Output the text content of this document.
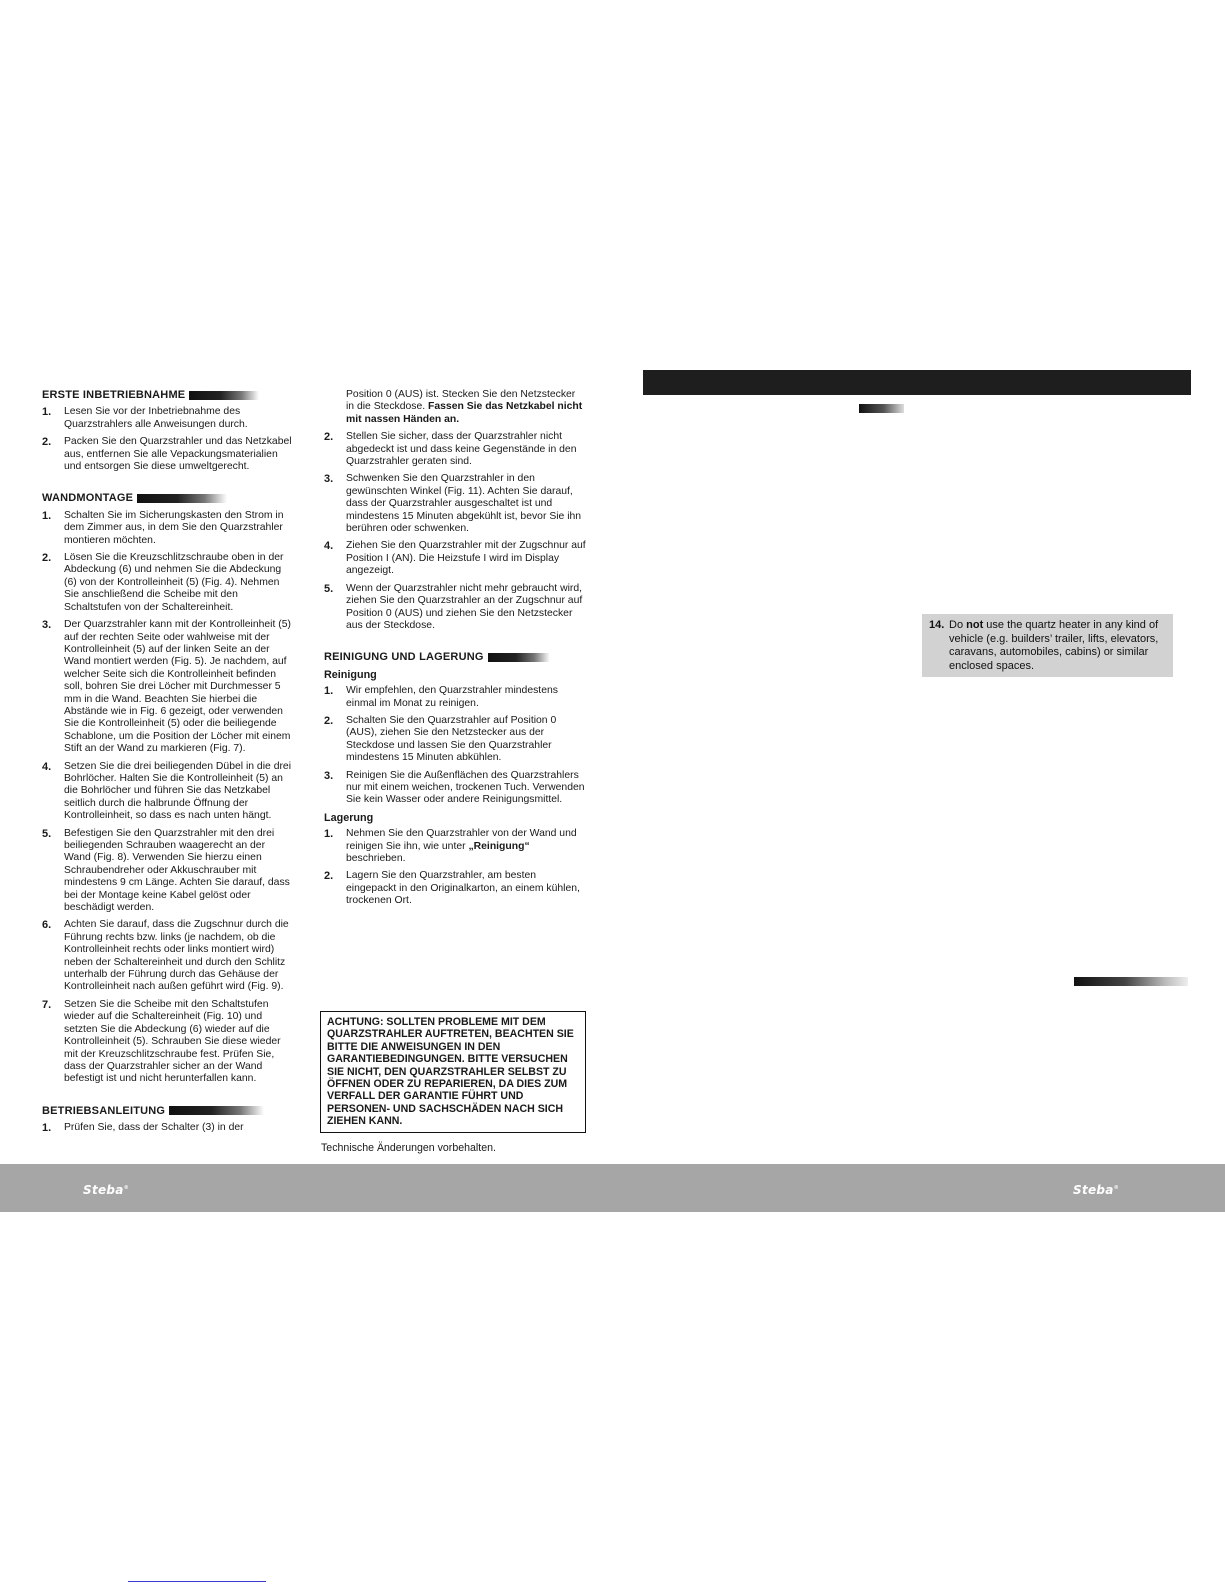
ERSTE INBETRIEBNAHME
1. Lesen Sie vor der Inbetriebnahme des Quarzstrahlers alle Anweisungen durch.
2. Packen Sie den Quarzstrahler und das Netzkabel aus, entfernen Sie alle Vepackungsmaterialien und entsorgen Sie diese umweltgerecht.
WANDMONTAGE
1. Schalten Sie im Sicherungskasten den Strom in dem Zimmer aus, in dem Sie den Quarzstrahler montieren möchten.
2. Lösen Sie die Kreuzschlitzschraube oben in der Abdeckung (6) und nehmen Sie die Abdeckung (6) von der Kontrolleinheit (5) (Fig. 4). Nehmen Sie anschließend die Scheibe mit den Schaltstufen von der Schaltereinheit.
3. Der Quarzstrahler kann mit der Kontrolleinheit (5) auf der rechten Seite oder wahlweise mit der Kontrolleinheit (5) auf der linken Seite an der Wand montiert werden (Fig. 5). Je nachdem, auf welcher Seite sich die Kontrolleinheit befinden soll, bohren Sie drei Löcher mit Durchmesser 5 mm in die Wand. Beachten Sie hierbei die Abstände wie in Fig. 6 gezeigt, oder verwenden Sie die Kontrolleinheit (5) oder die beiliegende Schablone, um die Position der Löcher mit einem Stift an der Wand zu markieren (Fig. 7).
4. Setzen Sie die drei beiliegenden Dübel in die drei Bohrlöcher. Halten Sie die Kontrolleinheit (5) an die Bohrlöcher und führen Sie das Netzkabel seitlich durch die halbrunde Öffnung der Kontrolleinheit, so dass es nach unten hängt.
5. Befestigen Sie den Quarzstrahler mit den drei beiliegenden Schrauben waagerecht an der Wand (Fig. 8). Verwenden Sie hierzu einen Schraubendreher oder Akkuschrauber mit mindestens 9 cm Länge. Achten Sie darauf, dass bei der Montage keine Kabel gelöst oder beschädigt werden.
6. Achten Sie darauf, dass die Zugschnur durch die Führung rechts bzw. links (je nachdem, ob die Kontrolleinheit rechts oder links montiert wird) neben der Schaltereinheit und durch den Schlitz unterhalb der Führung durch das Gehäuse der Kontrolleinheit nach außen geführt wird (Fig. 9).
7. Setzen Sie die Scheibe mit den Schaltstufen wieder auf die Schaltereinheit (Fig. 10) und setzten Sie die Abdeckung (6) wieder auf die Kontrolleinheit (5). Schrauben Sie diese wieder mit der Kreuzschlitzschraube fest. Prüfen Sie, dass der Quarzstrahler sicher an der Wand befestigt ist und nicht herunterfallen kann.
BETRIEBSANLEITUNG
1. Prüfen Sie, dass der Schalter (3) in der
Position 0 (AUS) ist. Stecken Sie den Netzstecker in die Steckdose. Fassen Sie das Netzkabel nicht mit nassen Händen an.
2. Stellen Sie sicher, dass der Quarzstrahler nicht abgedeckt ist und dass keine Gegenstände in den Quarzstrahler geraten sind.
3. Schwenken Sie den Quarzstrahler in den gewünschten Winkel (Fig. 11). Achten Sie darauf, dass der Quarzstrahler ausgeschaltet ist und mindestens 15 Minuten abgekühlt ist, bevor Sie ihn berühren oder schwenken.
4. Ziehen Sie den Quarzstrahler mit der Zugschnur auf Position I (AN). Die Heizstufe I wird im Display angezeigt.
5. Wenn der Quarzstrahler nicht mehr gebraucht wird, ziehen Sie den Quarzstrahler an der Zugschnur auf Position 0 (AUS) und ziehen Sie den Netzstecker aus der Steckdose.
REINIGUNG UND LAGERUNG
Reinigung
1. Wir empfehlen, den Quarzstrahler mindestens einmal im Monat zu reinigen.
2. Schalten Sie den Quarzstrahler auf Position 0 (AUS), ziehen Sie den Netzstecker aus der Steckdose und lassen Sie den Quarzstrahler mindestens 15 Minuten abkühlen.
3. Reinigen Sie die Außenflächen des Quarzstrahlers nur mit einem weichen, trockenen Tuch. Verwenden Sie kein Wasser oder andere Reinigungsmittel.
Lagerung
1. Nehmen Sie den Quarzstrahler von der Wand und reinigen Sie ihn, wie unter „Reinigung“ beschrieben.
2. Lagern Sie den Quarzstrahler, am besten eingepackt in den Originalkarton, an einem kühlen, trockenen Ort.
ACHTUNG: SOLLTEN PROBLEME MIT DEM QUARZSTRAHLER AUFTRETEN, BEACHTEN SIE BITTE DIE ANWEISUNGEN IN DEN GARANTIEBEDINGUNGEN. BITTE VERSUCHEN SIE NICHT, DEN QUARZSTRAHLER SELBST ZU ÖFFNEN ODER ZU REPARIEREN, DA DIES ZUM VERFALL DER GARANTIE FÜHRT UND PERSONEN- UND SACHSCHÄDEN NACH SICH ZIEHEN KANN.
Technische Änderungen vorbehalten.
14. Do not use the quartz heater in any kind of vehicle (e.g. builders’ trailer, lifts, elevators, caravans, automobiles, cabins) or similar enclosed spaces.
Steba®	Steba®
